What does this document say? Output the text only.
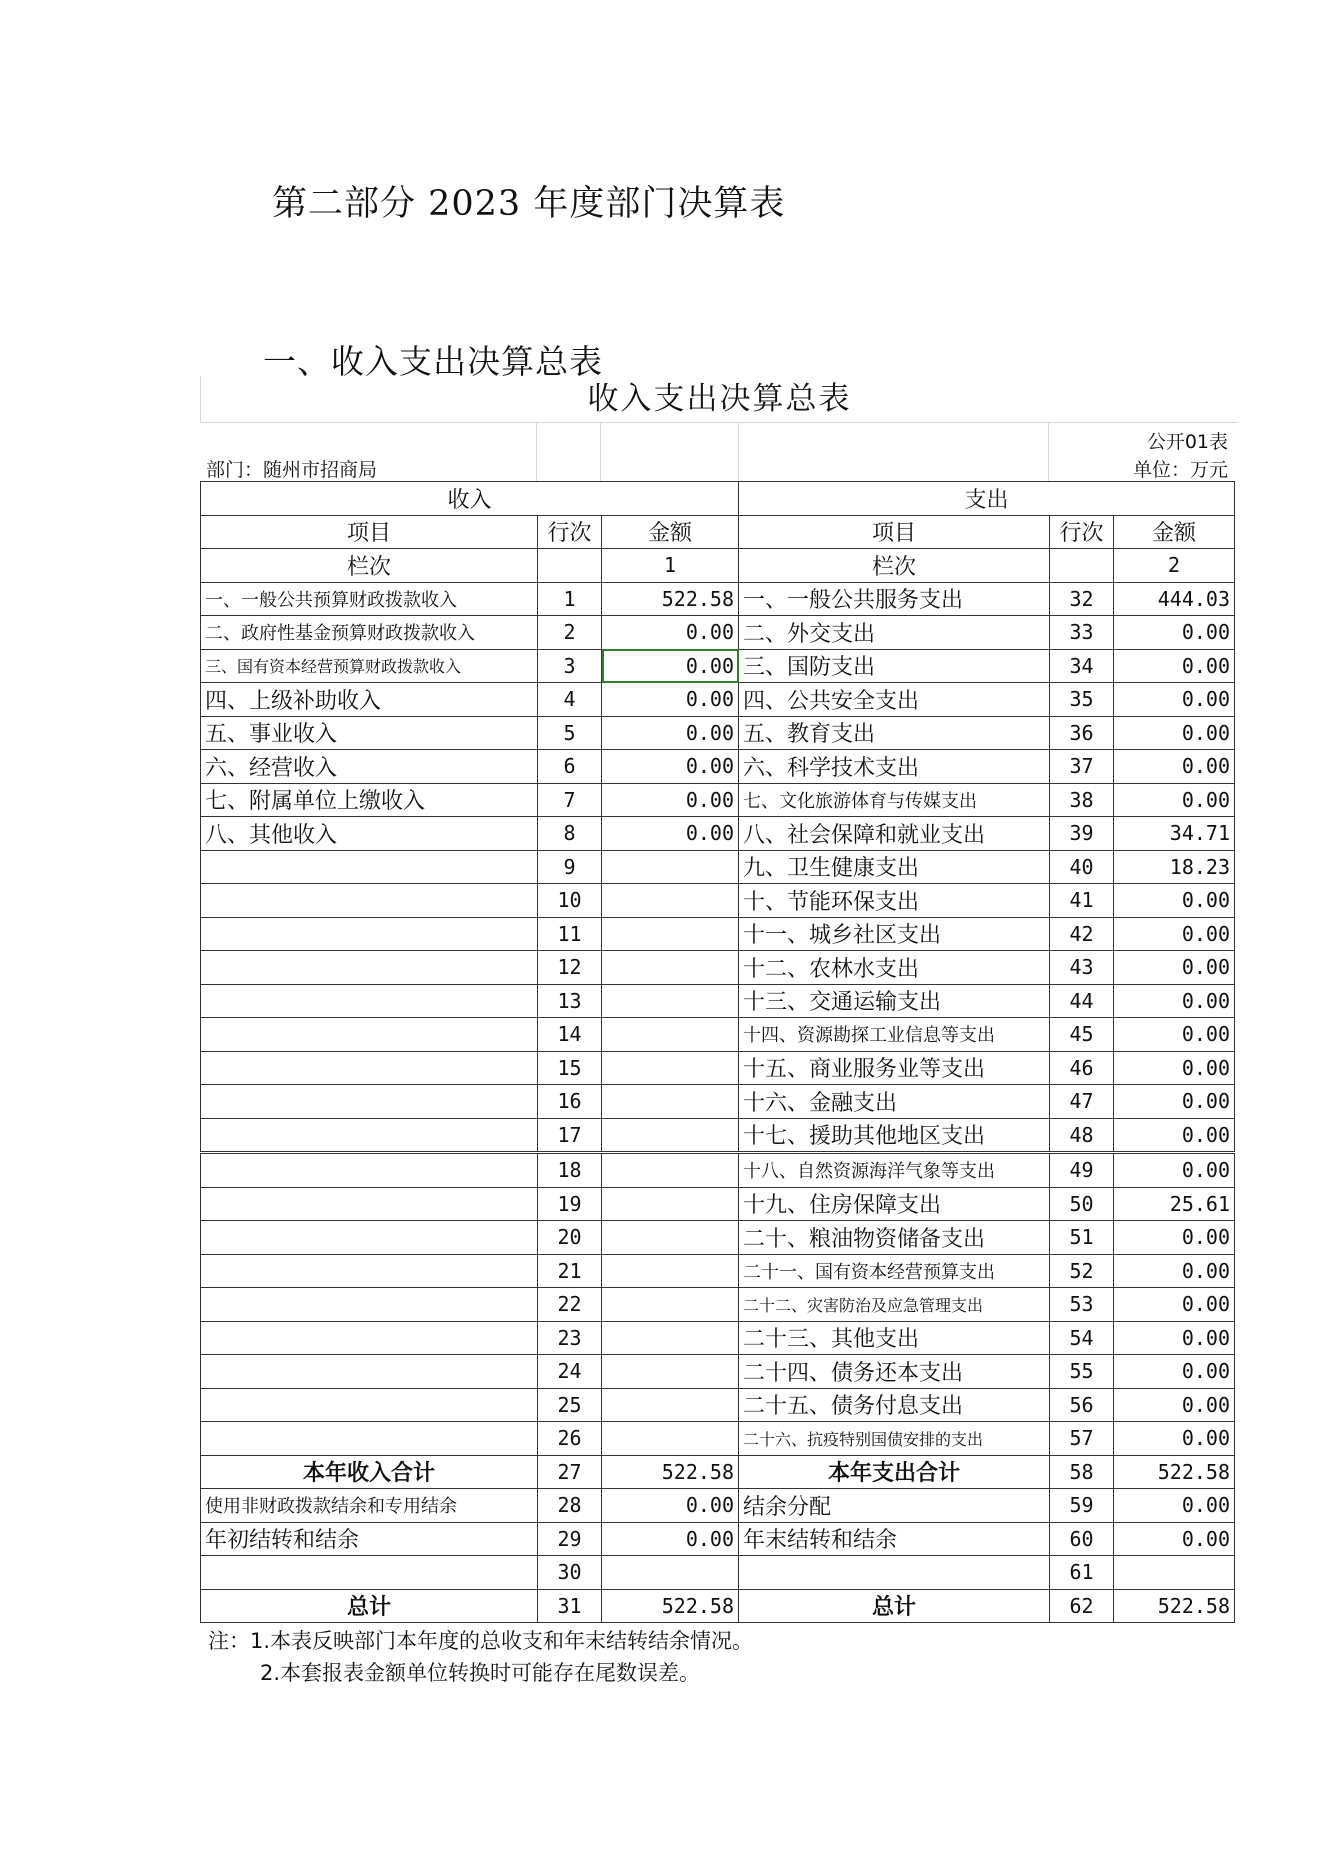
第二部分 2023 年度部门决算表
一、收入支出决算总表
收入支出决算总表
公开01表
部门：随州市招商局	单位：万元
收入			支出		
项目	行次	金额	项目	行次	金额
栏次		1	栏次		2
一、一般公共预算财政拨款收入	1	522.58	一、一般公共服务支出	32	444.03
二、政府性基金预算财政拨款收入	2	0.00	二、外交支出	33	0.00
三、国有资本经营预算财政拨款收入	3	0.00	三、国防支出	34	0.00
四、上级补助收入	4	0.00	四、公共安全支出	35	0.00
五、事业收入	5	0.00	五、教育支出	36	0.00
六、经营收入	6	0.00	六、科学技术支出	37	0.00
七、附属单位上缴收入	7	0.00	七、文化旅游体育与传媒支出	38	0.00
八、其他收入	8	0.00	八、社会保障和就业支出	39	34.71
	9		九、卫生健康支出	40	18.23
	10		十、节能环保支出	41	0.00
	11		十一、城乡社区支出	42	0.00
	12		十二、农林水支出	43	0.00
	13		十三、交通运输支出	44	0.00
	14		十四、资源勘探工业信息等支出	45	0.00
	15		十五、商业服务业等支出	46	0.00
	16		十六、金融支出	47	0.00
	17		十七、援助其他地区支出	48	0.00
	18		十八、自然资源海洋气象等支出	49	0.00
	19		十九、住房保障支出	50	25.61
	20		二十、粮油物资储备支出	51	0.00
	21		二十一、国有资本经营预算支出	52	0.00
	22		二十二、灾害防治及应急管理支出	53	0.00
	23		二十三、其他支出	54	0.00
	24		二十四、债务还本支出	55	0.00
	25		二十五、债务付息支出	56	0.00
	26		二十六、抗疫特别国债安排的支出	57	0.00
本年收入合计	27	522.58	本年支出合计	58	522.58
使用非财政拨款结余和专用结余	28	0.00	结余分配	59	0.00
年初结转和结余	29	0.00	年末结转和结余	60	0.00
	30			61	
总计	31	522.58	总计	62	522.58
注：1.本表反映部门本年度的总收支和年末结转结余情况。
2.本套报表金额单位转换时可能存在尾数误差。
